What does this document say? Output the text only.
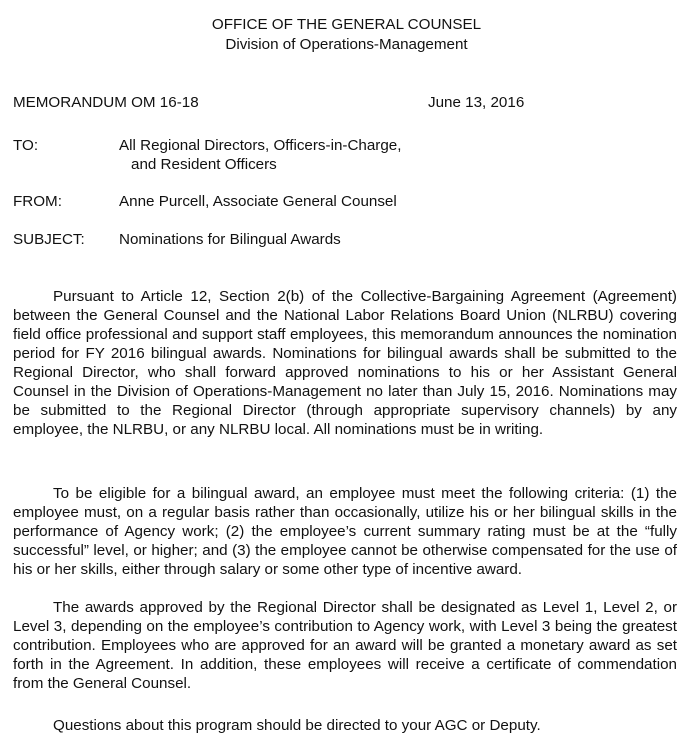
OFFICE OF THE GENERAL COUNSEL
Division of Operations-Management
MEMORANDUM OM 16-18	June 13, 2016
TO:	All Regional Directors, Officers-in-Charge,
and Resident Officers
FROM:	Anne Purcell, Associate General Counsel
SUBJECT: Nominations for Bilingual Awards

Pursuant to Article 12, Section 2(b) of the Collective-Bargaining Agreement (Agreement) between the General Counsel and the National Labor Relations Board Union (NLRBU) covering field office professional and support staff employees, this memorandum announces the nomination period for FY 2016 bilingual awards. Nominations for bilingual awards shall be submitted to the Regional Director, who shall forward approved nominations to his or her Assistant General Counsel in the Division of Operations-Management no later than July 15, 2016. Nominations may be submitted to the Regional Director (through appropriate supervisory channels) by any employee, the NLRBU, or any NLRBU local. All nominations must be in writing.

To be eligible for a bilingual award, an employee must meet the following criteria: (1) the employee must, on a regular basis rather than occasionally, utilize his or her bilingual skills in the performance of Agency work; (2) the employee’s current summary rating must be at the “fully successful” level, or higher; and (3) the employee cannot be otherwise compensated for the use of his or her skills, either through salary or some other type of incentive award.

The awards approved by the Regional Director shall be designated as Level 1, Level 2, or Level 3, depending on the employee’s contribution to Agency work, with Level 3 being the greatest contribution. Employees who are approved for an award will be granted a monetary award as set forth in the Agreement. In addition, these employees will receive a certificate of commendation from the General Counsel.

Questions about this program should be directed to your AGC or Deputy.
